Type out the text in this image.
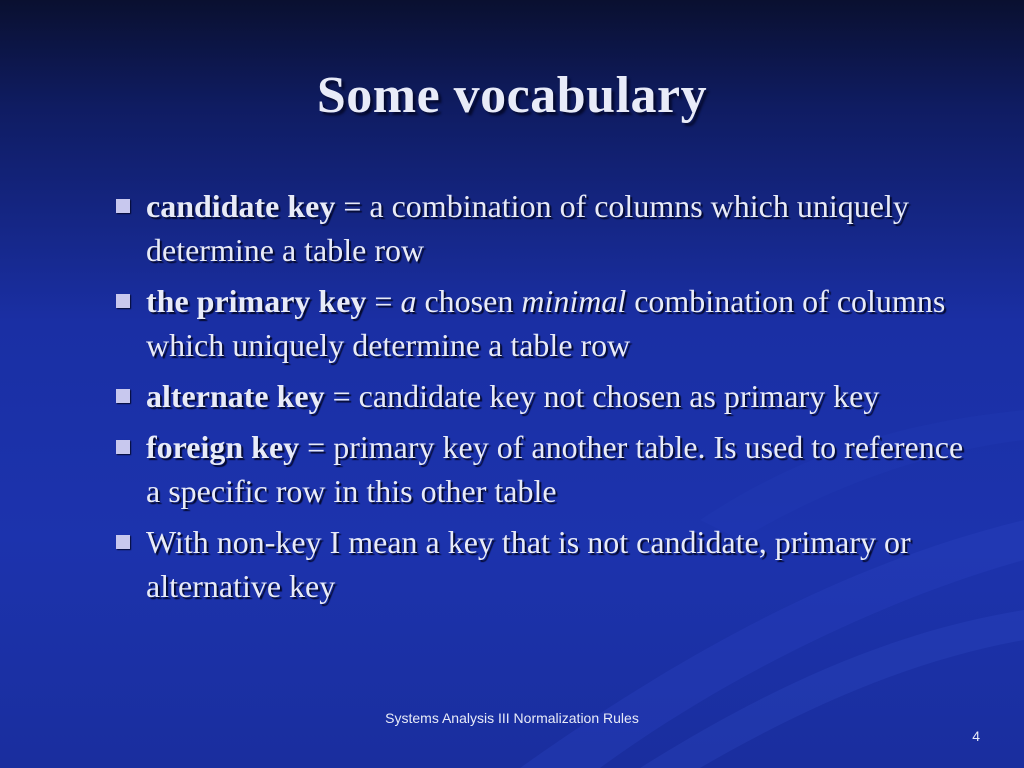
Some vocabulary
candidate key = a combination of columns which uniquely determine a table row
the primary key = a chosen minimal combination of columns which uniquely determine a table row
alternate key = candidate key not chosen as primary key
foreign key = primary key of another table. Is used to reference a specific row in this other table
With non-key I mean a key that is not candidate, primary or alternative key
Systems Analysis III Normalization Rules
4
